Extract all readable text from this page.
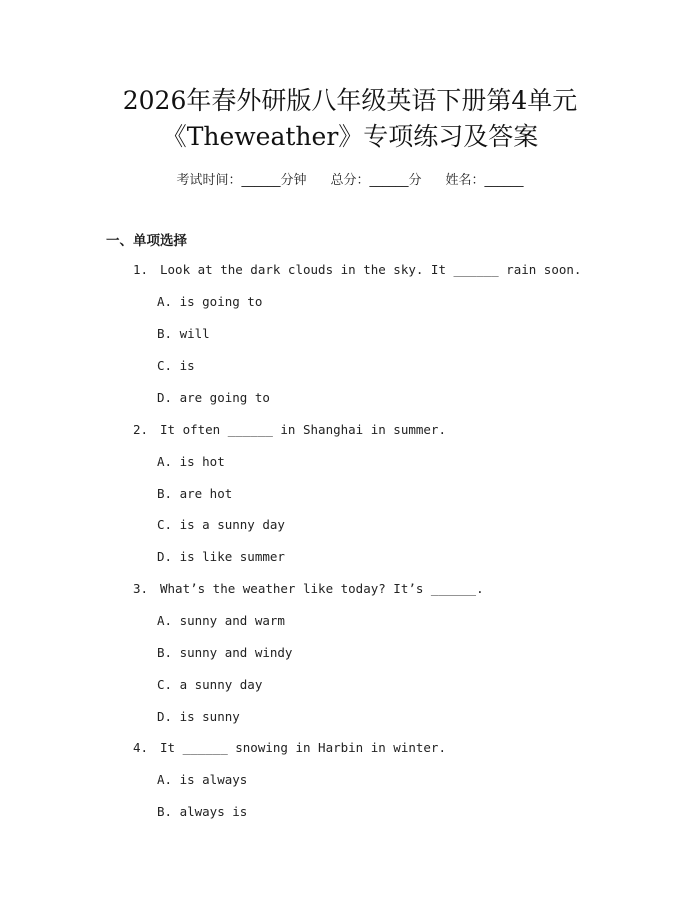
2026年春外研版八年级英语下册第4单元
《Theweather》专项练习及答案
考试时间：______分钟 总分：______分 姓名：______
一、单项选择
1. Look at the dark clouds in the sky. It ______ rain soon.
A. is going to
B. will
C. is
D. are going to
2. It often ______ in Shanghai in summer.
A. is hot
B. are hot
C. is a sunny day
D. is like summer
3. What’s the weather like today? It’s ______.
A. sunny and warm
B. sunny and windy
C. a sunny day
D. is sunny
4. It ______ snowing in Harbin in winter.
A. is always
B. always is
